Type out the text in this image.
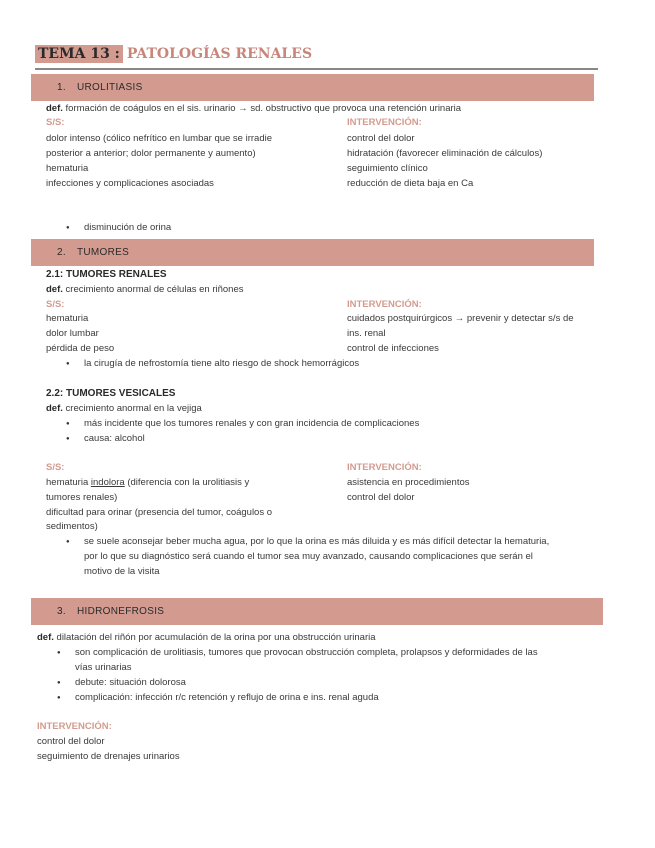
TEMA 13 : PATOLOGÍAS RENALES
1. UROLITIASIS
def. formación de coágulos en el sis. urinario → sd. obstructivo que provoca una retención urinaria
S/S:
dolor intenso (cólico nefrítico en lumbar que se irradie
posterior a anterior; dolor permanente y aumento)
hematuria
infecciones y complicaciones asociadas
INTERVENCIÓN:
control del dolor
hidratación (favorecer eliminación de cálculos)
seguimiento clínico
reducción de dieta baja en Ca
● disminución de orina
2. TUMORES
2.1: TUMORES RENALES
def. crecimiento anormal de células en riñones
S/S:
hematuria
dolor lumbar
pérdida de peso
INTERVENCIÓN:
cuidados postquirúrgicos → prevenir y detectar s/s de
ins. renal
control de infecciones
● la cirugía de nefrostomía tiene alto riesgo de shock hemorrágicos
2.2: TUMORES VESICALES
def. crecimiento anormal en la vejiga
● más incidente que los tumores renales y con gran incidencia de complicaciones
● causa: alcohol
S/S:
hematuria indolora (diferencia con la urolitiasis y
tumores renales)
dificultad para orinar (presencia del tumor, coágulos o
sedimentos)
INTERVENCIÓN:
asistencia en procedimientos
control del dolor
● se suele aconsejar beber mucha agua, por lo que la orina es más diluida y es más difícil detectar la hematuria,
por lo que su diagnóstico será cuando el tumor sea muy avanzado, causando complicaciones que serán el
motivo de la visita
3. HIDRONEFROSIS
def. dilatación del riñón por acumulación de la orina por una obstrucción urinaria
● son complicación de urolitiasis, tumores que provocan obstrucción completa, prolapsos y deformidades de las
vías urinarias
● debute: situación dolorosa
● complicación: infección r/c retención y reflujo de orina e ins. renal aguda
INTERVENCIÓN:
control del dolor
seguimiento de drenajes urinarios
